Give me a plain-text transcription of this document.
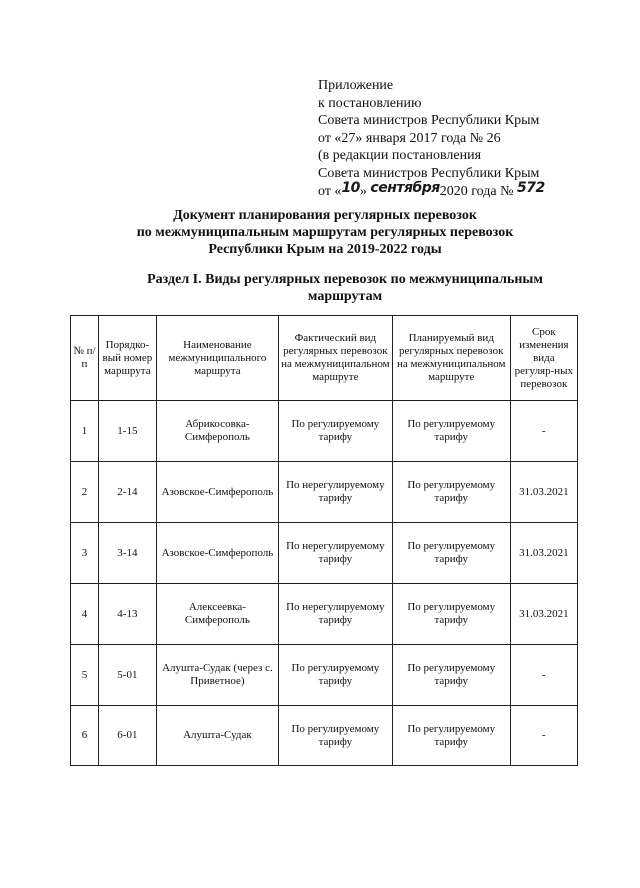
Приложение
к постановлению
Совета министров Республики Крым
от «27» января 2017 года № 26
(в редакции постановления
Совета министров Республики Крым
от «10» сентября2020 года № 572
Документ планирования регулярных перевозок
по межмуниципальным маршрутам регулярных перевозок
Республики Крым на 2019-2022 годы
Раздел I. Виды регулярных перевозок по межмуниципальным
маршрутам
№ п/п	Порядко-вый номер маршрута	Наименование межмуниципального маршрута	Фактический вид регулярных перевозок на межмуниципальном маршруте	Планируемый вид регулярных перевозок на межмуниципальном маршруте	Срок изменения вида регуляр-ных перевозок
1	1-15	Абрикосовка-Симферополь	По регулируемому тарифу	По регулируемому тарифу	-
2	2-14	Азовское-Симферополь	По нерегулируемому тарифу	По регулируемому тарифу	31.03.2021
3	3-14	Азовское-Симферополь	По нерегулируемому тарифу	По регулируемому тарифу	31.03.2021
4	4-13	Алексеевка-Симферополь	По нерегулируемому тарифу	По регулируемому тарифу	31.03.2021
5	5-01	Алушта-Судак (через с. Приветное)	По регулируемому тарифу	По регулируемому тарифу	-
6	6-01	Алушта-Судак	По регулируемому тарифу	По регулируемому тарифу	-
